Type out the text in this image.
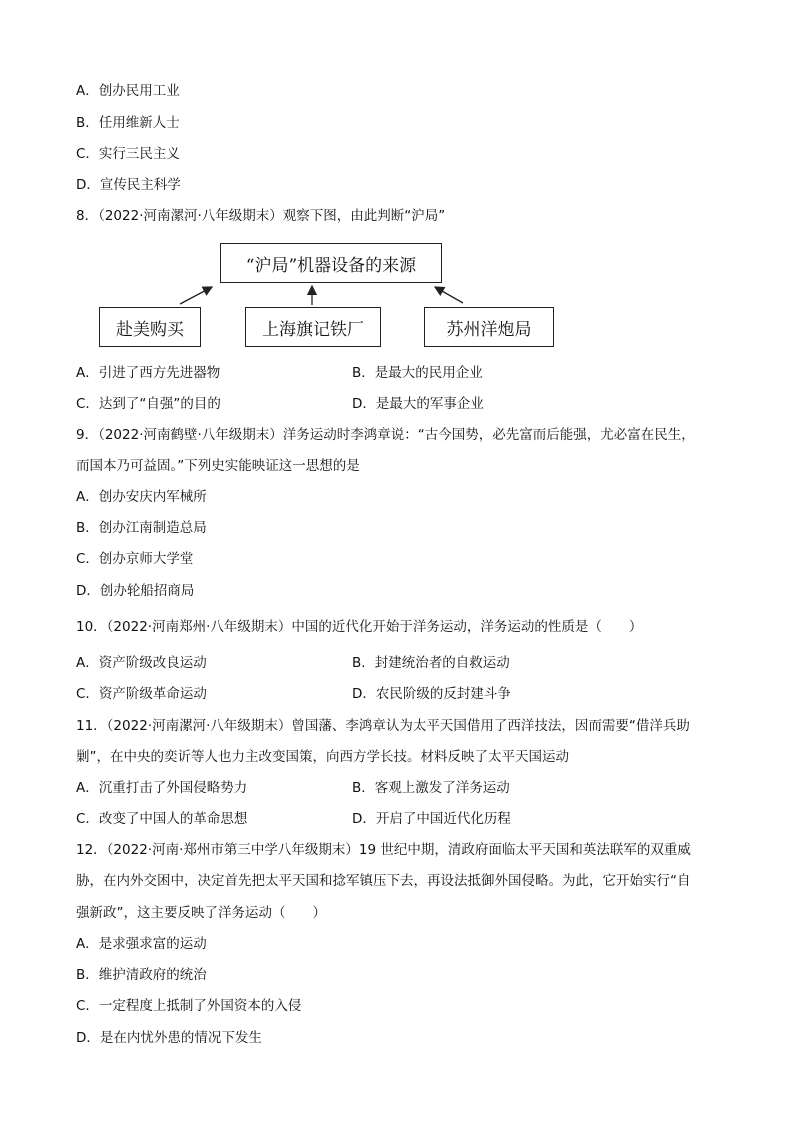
A．创办民用工业
B．任用维新人士
C．实行三民主义
D．宣传民主科学
8．（2022·河南漯河·八年级期末）观察下图，由此判断“沪局”
“沪局”机器设备的来源
赴美购买	上海旗记铁厂	苏州洋炮局
A．引进了西方先进器物	B．是最大的民用企业
C．达到了“自强”的目的	D．是最大的军事企业
9．（2022·河南鹤壁·八年级期末）洋务运动时李鸿章说：“古今国势，必先富而后能强，尤必富在民生，
而国本乃可益固。”下列史实能映证这一思想的是
A．创办安庆内军械所
B．创办江南制造总局
C．创办京师大学堂
D．创办轮船招商局
10．（2022·河南郑州·八年级期末）中国的近代化开始于洋务运动，洋务运动的性质是（　　）
A．资产阶级改良运动	B．封建统治者的自救运动
C．资产阶级革命运动	D．农民阶级的反封建斗争
11．（2022·河南漯河·八年级期末）曾国藩、李鸿章认为太平天国借用了西洋技法，因而需要“借洋兵助
剿”，在中央的奕䜣等人也力主改变国策，向西方学长技。材料反映了太平天国运动
A．沉重打击了外国侵略势力	B．客观上激发了洋务运动
C．改变了中国人的革命思想	D．开启了中国近代化历程
12．（2022·河南·郑州市第三中学八年级期末）19 世纪中期，清政府面临太平天国和英法联军的双重威
胁，在内外交困中，决定首先把太平天国和捻军镇压下去，再设法抵御外国侵略。为此，它开始实行“自
强新政”，这主要反映了洋务运动（　　）
A．是求强求富的运动
B．维护清政府的统治
C．一定程度上抵制了外国资本的入侵
D．是在内忧外患的情况下发生
